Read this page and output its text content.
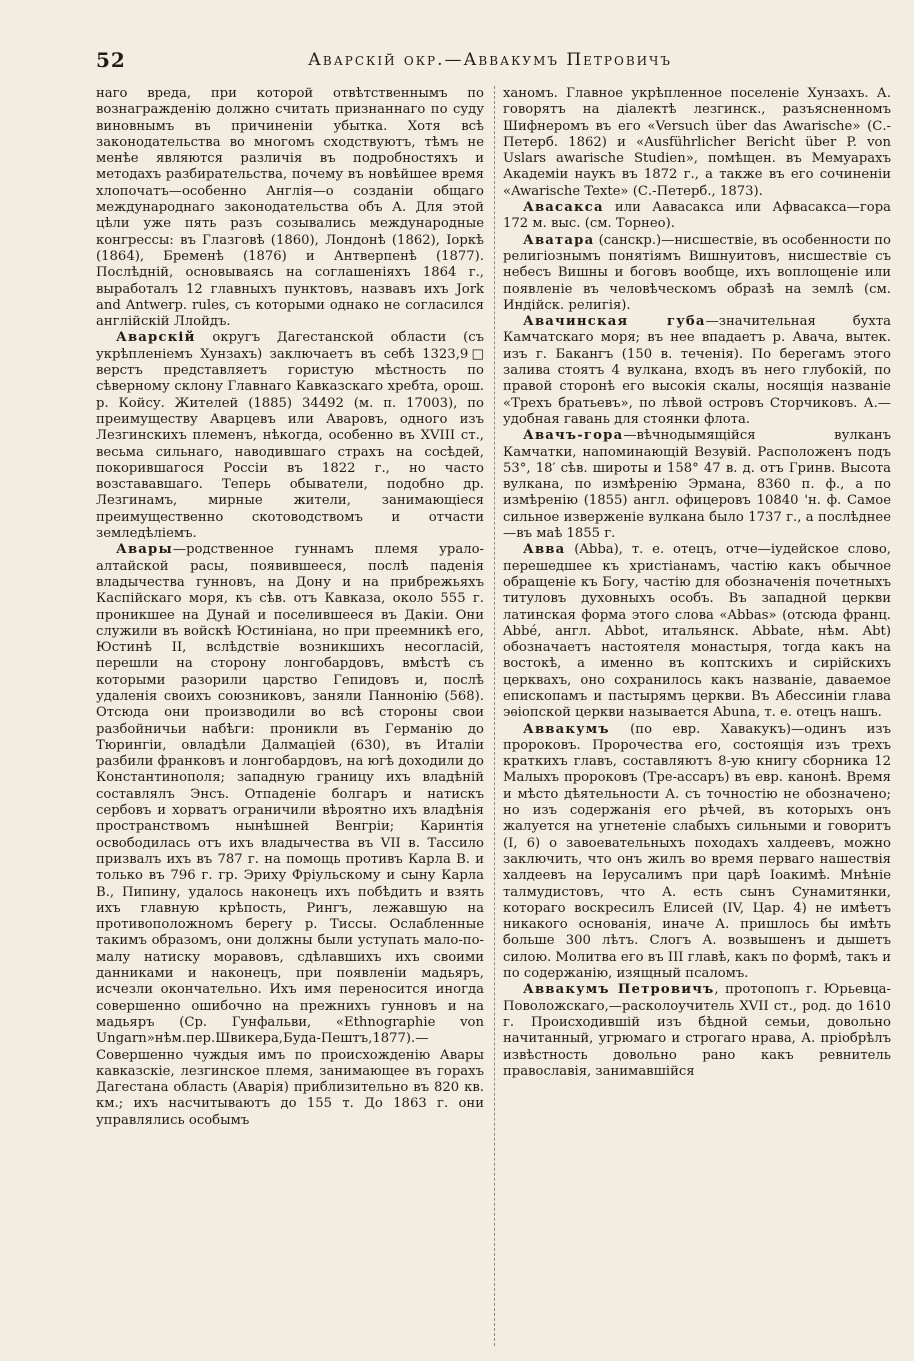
52	Аварскій окр.—Аввакумъ Петровичъ

наго вреда, при которой отвѣтственнымъ по вознагражденію должно считать признаннаго по суду виновнымъ въ причиненіи убытка. Хотя всѣ законодательства во многомъ сходствуютъ, тѣмъ не менѣе являются различія въ подробностяхъ и методахъ разбирательства, почему въ новѣйшее время хлопочатъ—особенно Англія—о созданіи общаго международнаго законодательства объ А. Для этой цѣли уже пять разъ созывались международные конгрессы: въ Глазговѣ (1860), Лондонѣ (1862), Іоркѣ (1864), Бременѣ (1876) и Антверпенѣ (1877). Послѣдній, основываясь на соглашеніяхъ 1864 г., выработалъ 12 главныхъ пунктовъ, назвавъ ихъ Jork and Antwerp. rules, съ которыми однако не согласился англійскій Ллойдъ.

Аварскій округъ Дагестанской области (съ укрѣпленіемъ Хунзахъ) заключаетъ въ себѣ 1323,9□ верстъ представляетъ гористую мѣстность по сѣверному склону Главнаго Кавказскаго хребта, орош. р. Койсу. Жителей (1885) 34492 (м. п. 17003), по преимуществу Аварцевъ или Аваровъ, одного изъ Лезгинскихъ племенъ, нѣкогда, особенно въ XVIII ст., весьма сильнаго, наводившаго страхъ на сосѣдей, покорившагося Россіи въ 1822 г., но часто возстававшаго. Теперь обыватели, подобно др. Лезгинамъ, мирные жители, занимающіеся преимущественно скотоводствомъ и отчасти земледѣліемъ.

Авары—родственное гуннамъ племя урало-алтайской расы, появившееся, послѣ паденія владычества гунновъ, на Дону и на прибрежьяхъ Каспійскаго моря, къ сѣв. отъ Кавказа, около 555 г. проникшее на Дунай и поселившееся въ Дакіи. Они служили въ войскѣ Юстиніана, но при преемникѣ его, Юстинѣ II, вслѣдствіе возникшихъ несогласій, перешли на сторону лонгобардовъ, вмѣстѣ съ которыми разорили царство Гепидовъ и, послѣ удаленія своихъ союзниковъ, заняли Паннонію (568). Отсюда они производили во всѣ стороны свои разбойничьи набѣги: проникли въ Германію до Тюрингіи, овладѣли Далмаціей (630), въ Италіи разбили франковъ и лонгобардовъ, на югѣ доходили до Константинополя; западную границу ихъ владѣній составлялъ Энсъ. Отпаденіе болгаръ и натискъ сербовъ и хорватъ ограничили вѣроятно ихъ владѣнія пространствомъ нынѣшней Венгріи; Каринтія освободилась отъ ихъ владычества въ VII в. Тассило призвалъ ихъ въ 787 г. на помощь противъ Карла В. и только въ 796 г. гр. Эриху Фріульскому и сыну Карла В., Пипину, удалось наконецъ ихъ побѣдить и взять ихъ главную крѣпость, Рингъ, лежавшую на противоположномъ берегу р. Тиссы. Ослабленные такимъ образомъ, они должны были уступать мало-по-малу натиску моравовъ, сдѣлавшихъ ихъ своими данниками и наконецъ, при появленіи мадьяръ, исчезли окончательно. Ихъ имя переносится иногда совершенно ошибочно на прежнихъ гунновъ и на мадьяръ (Ср. Гунфальви, «Ethnographie von Ungarn»нѣм.пер.Швикера,Буда-Пештъ,1877).—Совершенно чуждыя имъ по происхожденію Авары кавказскіе, лезгинское племя, занимающее въ горахъ Дагестана область (Аварія) приблизительно въ 820 кв. км.; ихъ насчитываютъ до 155 т. До 1863 г. они управлялись особымъ

ханомъ. Главное укрѣпленное поселеніе Хунзахъ. А. говорятъ на діалектѣ лезгинск., разъясненномъ Шифнеромъ въ его «Versuch über das Awarische» (С.-Петерб. 1862) и «Ausführlicher Bericht über P. von Uslars awarische Studien», помѣщен. въ Мемуарахъ Академіи наукъ въ 1872 г., а также въ его сочиненіи «Awarische Texte» (С.-Петерб., 1873).

Авасакса или Аавасакса или Афвасакса—гора 172 м. выс. (см. Торнео).

Аватара (санскр.)—нисшествіе, въ особенности по религіознымъ понятіямъ Вишнуитовъ, нисшествіе съ небесъ Вишны и боговъ вообще, ихъ воплощеніе или появленіе въ человѣческомъ образѣ на землѣ (см. Индійск. религія).

Авачинская губа—значительная бухта Камчатскаго моря; въ нее впадаетъ р. Авача, вытек. изъ г. Бакангъ (150 в. теченія). По берегамъ этого залива стоятъ 4 вулкана, входъ въ него глубокій, по правой сторонѣ его высокія скалы, носящія названіе «Трехъ братьевъ», по лѣвой островъ Сторчиковъ. А.—удобная гавань для стоянки флота.

Авачъ-гора—вѣчнодымящійся вулканъ Камчатки, напоминающій Везувій. Расположенъ подъ 53°, 18′ сѣв. широты и 158° 47 в. д. отъ Гринв. Высота вулкана, по измѣренію Эрмана, 8360 п. ф., а по измѣренію (1855) англ. офицеровъ 10840 'н. ф. Самое сильное изверженіе вулкана было 1737 г., а послѣднее—въ маѣ 1855 г.

Авва (Abba), т. е. отецъ, отче—іудейское слово, перешедшее къ христіанамъ, частію какъ обычное обращеніе къ Богу, частію для обозначенія почетныхъ титуловъ духовныхъ особъ. Въ западной церкви латинская форма этого слова «Abbas» (отсюда франц. Abbé, англ. Abbot, итальянск. Abbate, нѣм. Abt) обозначаетъ настоятеля монастыря, тогда какъ на востокѣ, а именно въ коптскихъ и сирійскихъ церквахъ, оно сохранилось какъ названіе, даваемое епископамъ и пастырямъ церкви. Въ Абессиніи глава эѳіопской церкви называется Abuna, т. е. отецъ нашъ.

Аввакумъ (по евр. Хавакукъ)—одинъ изъ пророковъ. Пророчества его, состоящія изъ трехъ краткихъ главъ, составляютъ 8-ую книгу сборника 12 Малыхъ пророковъ (Тре-ассаръ) въ евр. канонѣ. Время и мѣсто дѣятельности А. съ точностію не обозначено; но изъ содержанія его рѣчей, въ которыхъ онъ жалуется на угнетеніе слабыхъ сильными и говоритъ (I, 6) о завоевательныхъ походахъ халдеевъ, можно заключить, что онъ жилъ во время перваго нашествія халдеевъ на Іерусалимъ при царѣ Іоакимѣ. Мнѣніе талмудистовъ, что А. есть сынъ Сунамитянки, котораго воскресилъ Елисей (IV, Цар. 4) не имѣетъ никакого основанія, иначе А. пришлось бы имѣть больше 300 лѣтъ. Слогъ А. возвышенъ и дышетъ силою. Молитва его въ III главѣ, какъ по формѣ, такъ и по содержанію, изящный псаломъ.

Аввакумъ Петровичъ, протопопъ г. Юрьевца-Поволожскаго,—расколоучитель XVII ст., род. до 1610 г. Происходившій изъ бѣдной семьи, довольно начитанный, угрюмаго и строгаго нрава, А. пріобрѣлъ извѣстность довольно рано какъ ревнитель православія, занимавшійся
